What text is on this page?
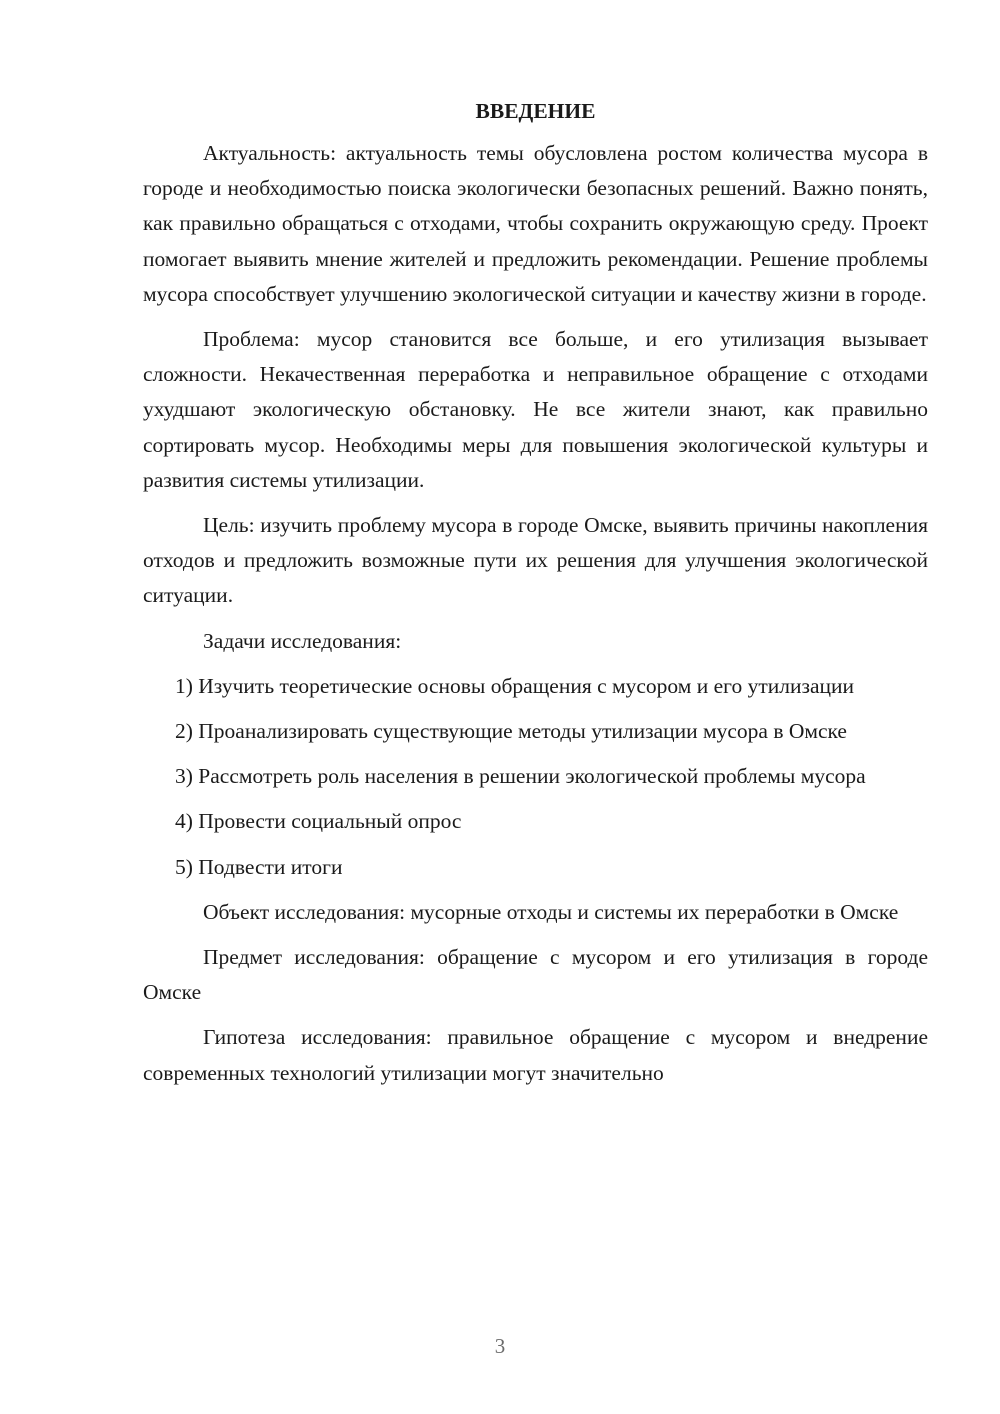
ВВЕДЕНИЕ

Актуальность: актуальность темы обусловлена ростом количества мусора в городе и необходимостью поиска экологически безопасных решений. Важно понять, как правильно обращаться с отходами, чтобы сохранить окружающую среду. Проект помогает выявить мнение жителей и предложить рекомендации. Решение проблемы мусора способствует улучшению экологической ситуации и качеству жизни в городе.

Проблема: мусор становится все больше, и его утилизация вызывает сложности. Некачественная переработка и неправильное обращение с отходами ухудшают экологическую обстановку. Не все жители знают, как правильно сортировать мусор. Необходимы меры для повышения экологической культуры и развития системы утилизации.

Цель: изучить проблему мусора в городе Омске, выявить причины накопления отходов и предложить возможные пути их решения для улучшения экологической ситуации.

Задачи исследования:

1) Изучить теоретические основы обращения с мусором и его утилизации

2) Проанализировать существующие методы утилизации мусора в Омске

3) Рассмотреть роль населения в решении экологической проблемы мусора

4) Провести социальный опрос

5) Подвести итоги

Объект исследования: мусорные отходы и системы их переработки в Омске

Предмет исследования: обращение с мусором и его утилизация в городе Омске

Гипотеза исследования: правильное обращение с мусором и внедрение современных технологий утилизации могут значительно

3
